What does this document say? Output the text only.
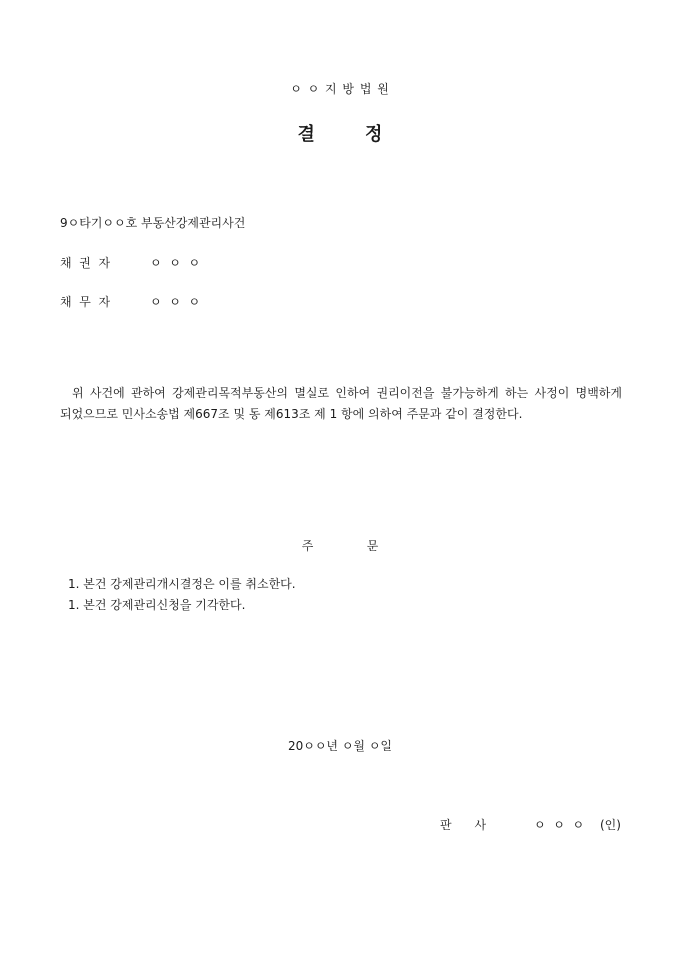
ㅇ ㅇ 지 방 법 원
결        정
9ㅇ타기ㅇㅇ호 부동산강제관리사건
채  권  자	ㅇ  ㅇ  ㅇ
채  무  자	ㅇ  ㅇ  ㅇ
위 사건에 관하여 강제관리목적부동산의 멸실로 인하여 권리이전을 불가능하게 하는 사정이 명백하게 되었으므로 민사소송법 제667조 및 동 제613조 제 1 항에 의하여 주문과 같이 결정한다.
주              문
1. 본건 강제관리개시결정은 이를 취소한다.
1. 본건 강제관리신청을 기각한다.
20ㅇㅇ년 ㅇ월 ㅇ일
판      사	ㅇ  ㅇ  ㅇ (인)
